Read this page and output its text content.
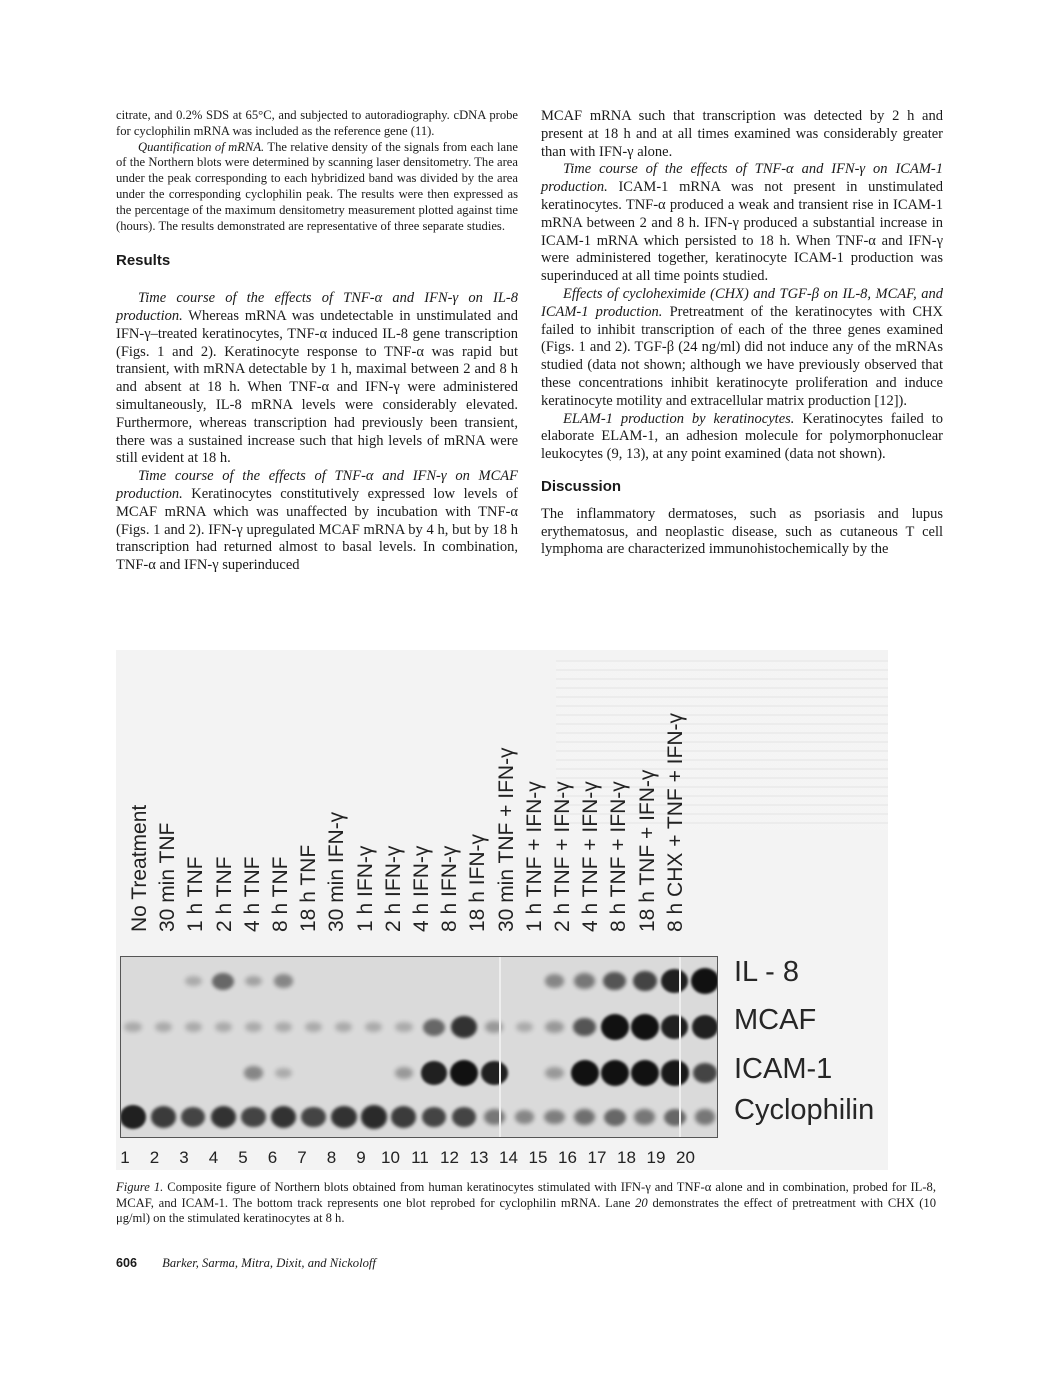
citrate, and 0.2% SDS at 65°C, and subjected to autoradiography. cDNA probe for cyclophilin mRNA was included as the reference gene (11).

Quantification of mRNA. The relative density of the signals from each lane of the Northern blots were determined by scanning laser densitometry. The area under the peak corresponding to each hybridized band was divided by the area under the corresponding cyclophilin peak. The results were then expressed as the percentage of the maximum densitometry measurement plotted against time (hours). The results demonstrated are representative of three separate studies.

Results

Time course of the effects of TNF-α and IFN-γ on IL-8 production. Whereas mRNA was undetectable in unstimulated and IFN-γ–treated keratinocytes, TNF-α induced IL-8 gene transcription (Figs. 1 and 2). Keratinocyte response to TNF-α was rapid but transient, with mRNA detectable by 1 h, maximal between 2 and 8 h and absent at 18 h. When TNF-α and IFN-γ were administered simultaneously, IL-8 mRNA levels were considerably elevated. Furthermore, whereas transcription had previously been transient, there was a sustained increase such that high levels of mRNA were still evident at 18 h.

Time course of the effects of TNF-α and IFN-γ on MCAF production. Keratinocytes constitutively expressed low levels of MCAF mRNA which was unaffected by incubation with TNF-α (Figs. 1 and 2). IFN-γ upregulated MCAF mRNA by 4 h, but by 18 h transcription had returned almost to basal levels. In combination, TNF-α and IFN-γ superinduced

MCAF mRNA such that transcription was detected by 2 h and present at 18 h and at all times examined was considerably greater than with IFN-γ alone.

Time course of the effects of TNF-α and IFN-γ on ICAM-1 production. ICAM-1 mRNA was not present in unstimulated keratinocytes. TNF-α produced a weak and transient rise in ICAM-1 mRNA between 2 and 8 h. IFN-γ produced a substantial increase in ICAM-1 mRNA which persisted to 18 h. When TNF-α and IFN-γ were administered together, keratinocyte ICAM-1 production was superinduced at all time points studied.

Effects of cycloheximide (CHX) and TGF-β on IL-8, MCAF, and ICAM-1 production. Pretreatment of the keratinocytes with CHX failed to inhibit transcription of each of the three genes examined (Figs. 1 and 2). TGF-β (24 ng/ml) did not induce any of the mRNAs studied (data not shown; although we have previously observed that these concentrations inhibit keratinocyte proliferation and induce keratinocyte motility and extracellular matrix production [12]).

ELAM-1 production by keratinocytes. Keratinocytes failed to elaborate ELAM-1, an adhesion molecule for polymorphonuclear leukocytes (9, 13), at any point examined (data not shown).

Discussion

The inflammatory dermatoses, such as psoriasis and lupus erythematosus, and neoplastic disease, such as cutaneous T cell lymphoma are characterized immunohistochemically by the

No Treatment 30 min TNF 1 h TNF 2 h TNF 4 h TNF 8 h TNF 18 h TNF 30 min IFN-γ 1 h IFN-γ 2 h IFN-γ 4 h IFN-γ 8 h IFN-γ 18 h IFN-γ 30 min TNF + IFN-γ 1 h TNF + IFN-γ 2 h TNF + IFN-γ 4 h TNF + IFN-γ 8 h TNF + IFN-γ 18 h TNF + IFN-γ 8 h CHX + TNF + IFN-γ
IL - 8
MCAF
ICAM-1
Cyclophilin
1	2	3	4	5	6	7	8	9 10 11 12 13 14 15 16 17 18 19 20

Figure 1. Composite figure of Northern blots obtained from human keratinocytes stimulated with IFN-γ and TNF-α alone and in combination, probed for IL-8, MCAF, and ICAM-1. The bottom track represents one blot reprobed for cyclophilin mRNA. Lane 20 demonstrates the effect of pretreatment with CHX (10 μg/ml) on the stimulated keratinocytes at 8 h.

606 Barker, Sarma, Mitra, Dixit, and Nickoloff
